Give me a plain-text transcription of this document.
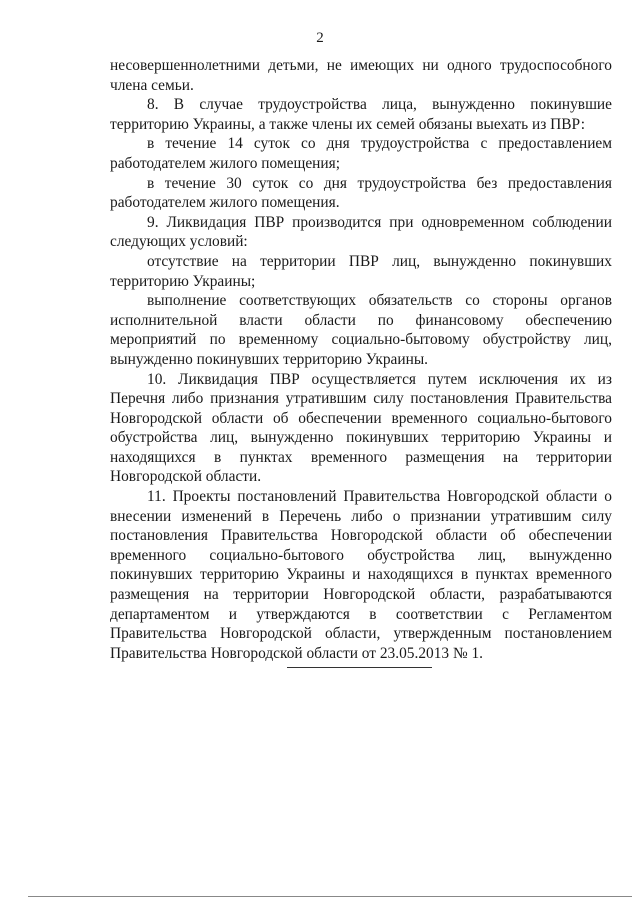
2

несовершеннолетними детьми, не имеющих ни одного трудоспособного члена семьи.

8. В случае трудоустройства лица, вынужденно покинувшие территорию Украины, а также члены их семей обязаны выехать из ПВР:

в течение 14 суток со дня трудоустройства с предоставлением работодателем жилого помещения;

в течение 30 суток со дня трудоустройства без предоставления работодателем жилого помещения.

9. Ликвидация ПВР производится при одновременном соблюдении следующих условий:

отсутствие на территории ПВР лиц, вынужденно покинувших территорию Украины;

выполнение соответствующих обязательств со стороны органов исполнительной власти области по финансовому обеспечению мероприятий по временному социально-бытовому обустройству лиц, вынужденно покинувших территорию Украины.

10. Ликвидация ПВР осуществляется путем исключения их из Перечня либо признания утратившим силу постановления Правительства Новгородской области об обеспечении временного социально-бытового обустройства лиц, вынужденно покинувших территорию Украины и находящихся в пунктах временного размещения на территории Новгородской области.

11. Проекты постановлений Правительства Новгородской области о внесении изменений в Перечень либо о признании утратившим силу постановления Правительства Новгородской области об обеспечении временного социально-бытового обустройства лиц, вынужденно покинувших территорию Украины и находящихся в пунктах временного размещения на территории Новгородской области, разрабатываются департаментом и утверждаются в соответствии с Регламентом Правительства Новгородской области, утвержденным постановлением Правительства Новгородской области от 23.05.2013 № 1.
